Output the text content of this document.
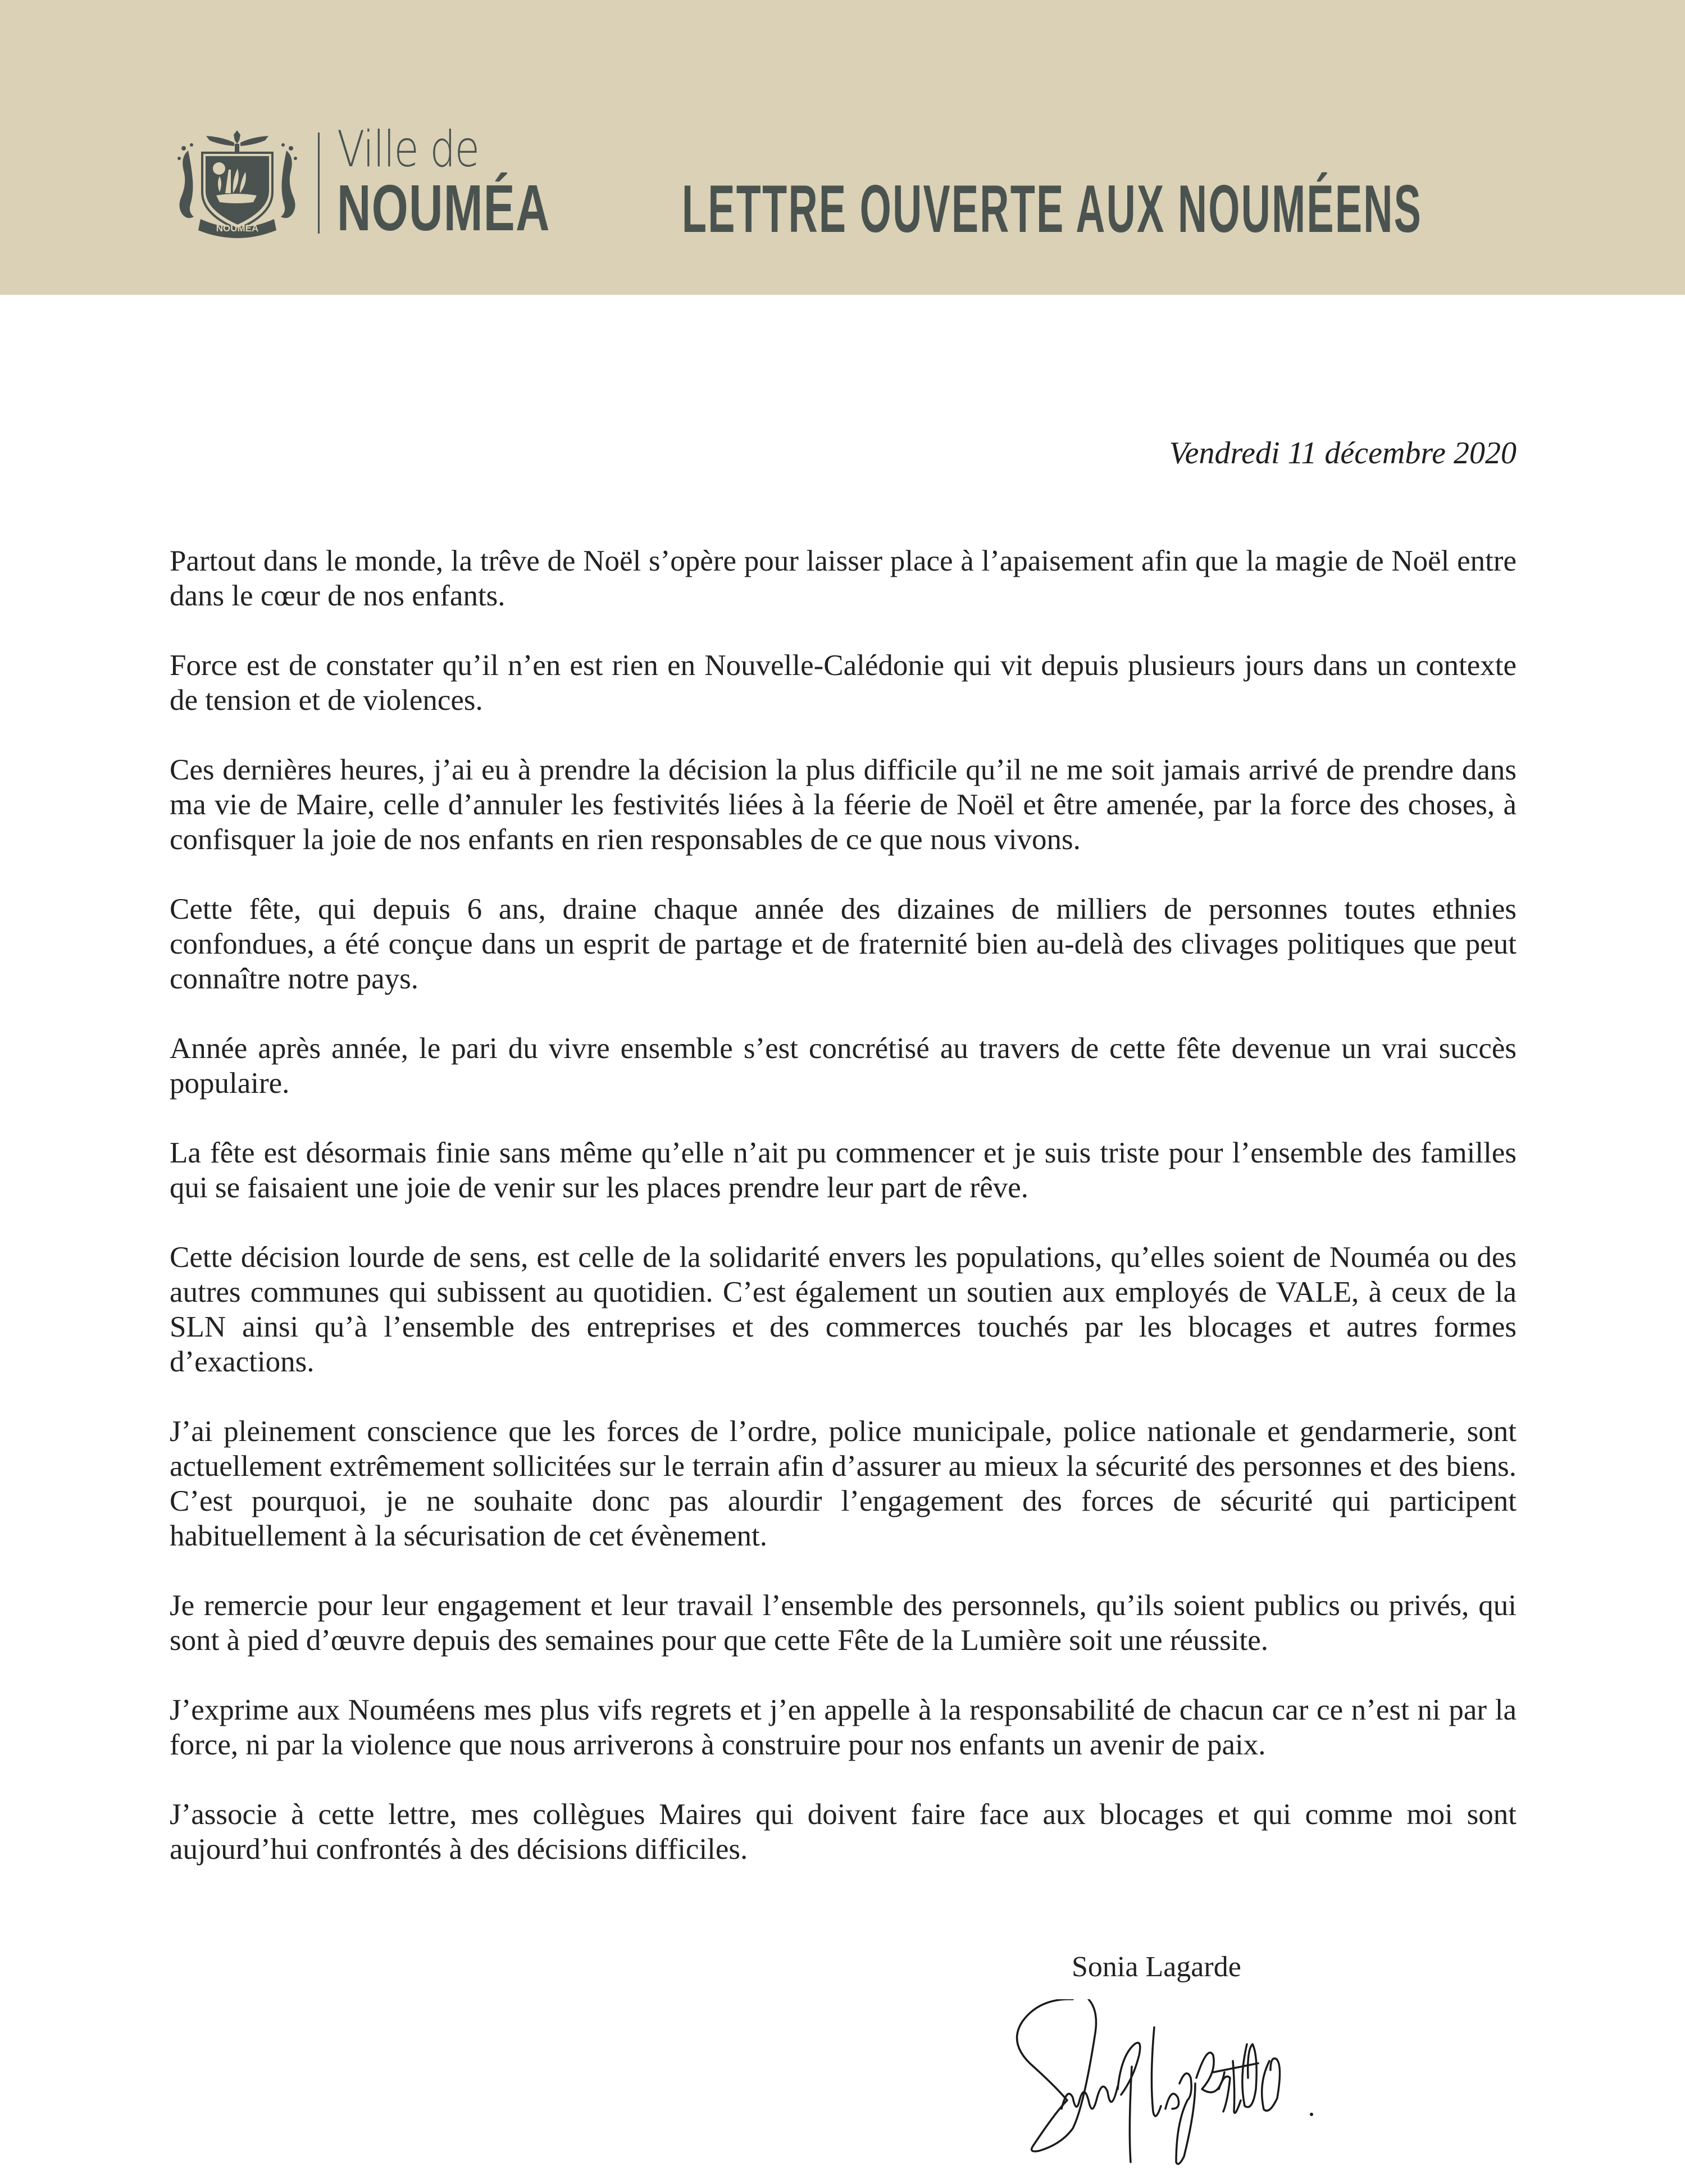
NOUMEA
Ville de
NOUMÉA LETTRE OUVERTE AUX NOUMÉENS
Vendredi 11 décembre 2020

Partout dans le monde, la trêve de Noël s’opère pour laisser place à l’apaisement afin que la magie de Noël entre dans le cœur de nos enfants.

Force est de constater qu’il n’en est rien en Nouvelle-Calédonie qui vit depuis plusieurs jours dans un contexte de tension et de violences.

Ces dernières heures, j’ai eu à prendre la décision la plus difficile qu’il ne me soit jamais arrivé de prendre dans ma vie de Maire, celle d’annuler les festivités liées à la féerie de Noël et être amenée, par la force des choses, à confisquer la joie de nos enfants en rien responsables de ce que nous vivons.

Cette fête, qui depuis 6 ans, draine chaque année des dizaines de milliers de personnes toutes ethnies confondues, a été conçue dans un esprit de partage et de fraternité bien au-delà des clivages politiques que peut connaître notre pays.

Année après année, le pari du vivre ensemble s’est concrétisé au travers de cette fête devenue un vrai succès populaire.

La fête est désormais finie sans même qu’elle n’ait pu commencer et je suis triste pour l’ensemble des familles qui se faisaient une joie de venir sur les places prendre leur part de rêve.

Cette décision lourde de sens, est celle de la solidarité envers les populations, qu’elles soient de Nouméa ou des autres communes qui subissent au quotidien. C’est également un soutien aux employés de VALE, à ceux de la SLN ainsi qu’à l’ensemble des entreprises et des commerces touchés par les blocages et autres formes d’exactions.

J’ai pleinement conscience que les forces de l’ordre, police municipale, police nationale et gendarmerie, sont actuellement extrêmement sollicitées sur le terrain afin d’assurer au mieux la sécurité des personnes et des biens. C’est pourquoi, je ne souhaite donc pas alourdir l’engagement des forces de sécurité qui participent habituellement à la sécurisation de cet évènement.

Je remercie pour leur engagement et leur travail l’ensemble des personnels, qu’ils soient publics ou privés, qui sont à pied d’œuvre depuis des semaines pour que cette Fête de la Lumière soit une réussite.

J’exprime aux Nouméens mes plus vifs regrets et j’en appelle à la responsabilité de chacun car ce n’est ni par la force, ni par la violence que nous arriverons à construire pour nos enfants un avenir de paix.

J’associe à cette lettre, mes collègues Maires qui doivent faire face aux blocages et qui comme moi sont aujourd’hui confrontés à des décisions difficiles.

Sonia Lagarde
